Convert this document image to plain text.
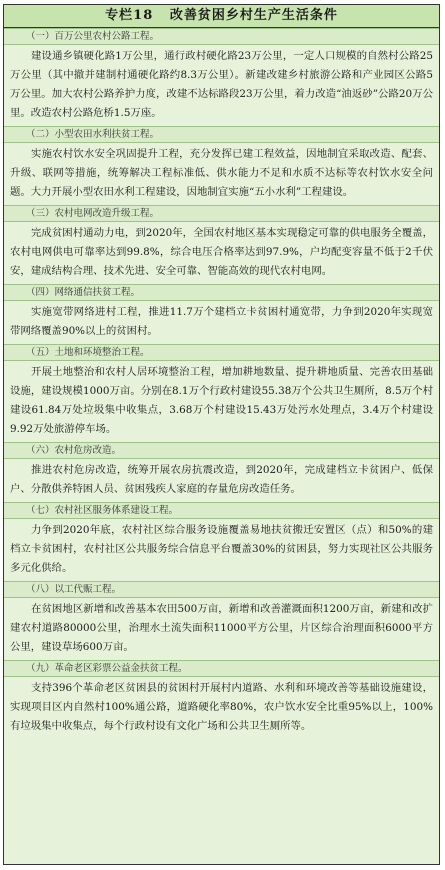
专栏18   改善贫困乡村生产生活条件
（一）百万公里农村公路工程。
建设通乡镇硬化路1万公里，通行政村硬化路23万公里，一定人口规模的自然村公路25万公里（其中撤并建制村通硬化路约8.3万公里）。新建改建乡村旅游公路和产业园区公路5万公里。加大农村公路养护力度，改建不达标路段23万公里，着力改造“油返砂”公路20万公里。改造农村公路危桥1.5万座。
（二）小型农田水利扶贫工程。
实施农村饮水安全巩固提升工程，充分发挥已建工程效益，因地制宜采取改造、配套、升级、联网等措施，统筹解决工程标准低、供水能力不足和水质不达标等农村饮水安全问题。大力开展小型农田水利工程建设，因地制宜实施“五小水利”工程建设。
（三）农村电网改造升级工程。
完成贫困村通动力电，到2020年，全国农村地区基本实现稳定可靠的供电服务全覆盖，农村电网供电可靠率达到99.8%，综合电压合格率达到97.9%，户均配变容量不低于2千伏安，建成结构合理、技术先进、安全可靠、智能高效的现代农村电网。
（四）网络通信扶贫工程。
实施宽带网络进村工程，推进11.7万个建档立卡贫困村通宽带，力争到2020年实现宽带网络覆盖90%以上的贫困村。
（五）土地和环境整治工程。
开展土地整治和农村人居环境整治工程，增加耕地数量、提升耕地质量、完善农田基础设施，建设规模1000万亩。分别在8.1万个行政村建设55.38万个公共卫生厕所，8.5万个村建设61.84万处垃圾集中收集点，3.68万个村建设15.43万处污水处理点，3.4万个村建设9.92万处旅游停车场。
（六）农村危房改造。
推进农村危房改造，统筹开展农房抗震改造，到2020年，完成建档立卡贫困户、低保户、分散供养特困人员、贫困残疾人家庭的存量危房改造任务。
（七）农村社区服务体系建设工程。
力争到2020年底，农村社区综合服务设施覆盖易地扶贫搬迁安置区（点）和50%的建档立卡贫困村，农村社区公共服务综合信息平台覆盖30%的贫困县，努力实现社区公共服务多元化供给。
（八）以工代赈工程。
在贫困地区新增和改善基本农田500万亩，新增和改善灌溉面积1200万亩，新建和改扩建农村道路80000公里，治理水土流失面积11000平方公里，片区综合治理面积6000平方公里，建设草场600万亩。
（九）革命老区彩票公益金扶贫工程。
支持396个革命老区贫困县的贫困村开展村内道路、水利和环境改善等基础设施建设，实现项目区内自然村100%通公路，道路硬化率80%，农户饮水安全比重95%以上，100%有垃圾集中收集点，每个行政村设有文化广场和公共卫生厕所等。
